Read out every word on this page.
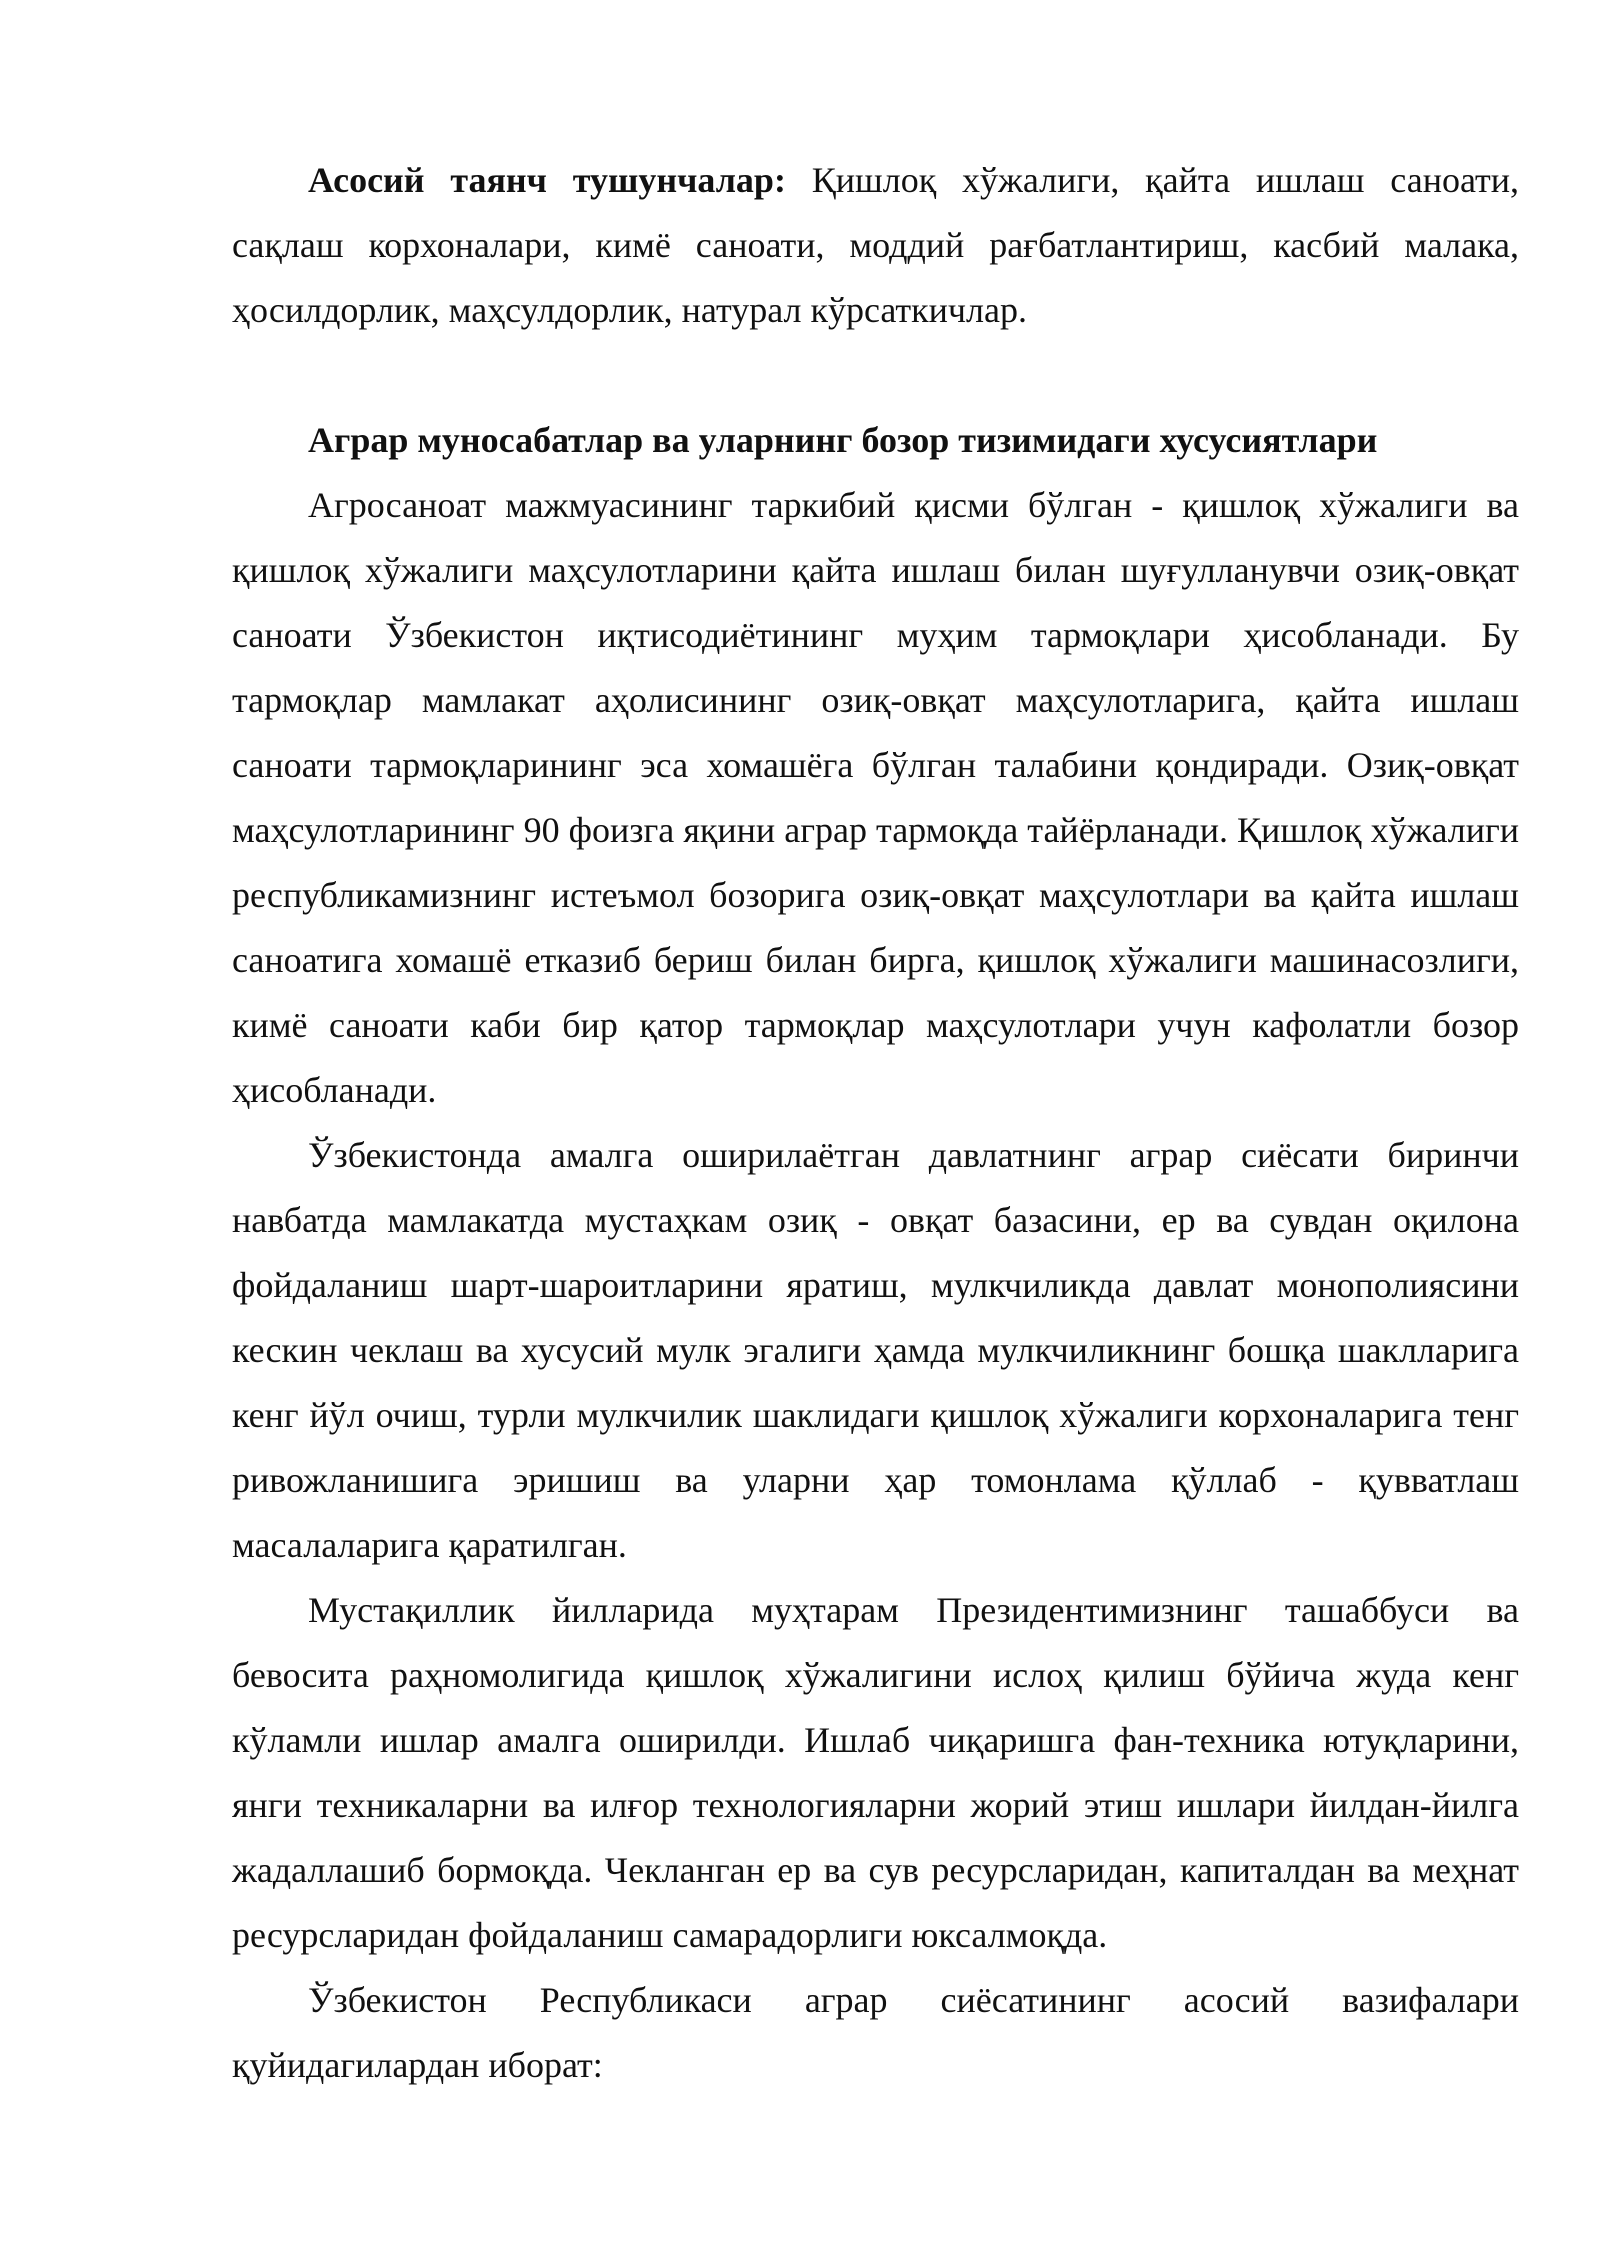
Асосий таянч тушунчалар: Қишлоқ хўжалиги, қайта ишлаш саноати, сақлаш корхоналари, кимё саноати, моддий рағбатлантириш, касбий малака, ҳосилдорлик, маҳсулдорлик, натурал кўрсаткичлар.

Аграр муносабатлар ва уларнинг бозор тизимидаги хусусиятлари

Агросаноат мажмуасининг таркибий қисми бўлган - қишлоқ хўжалиги ва қишлоқ хўжалиги маҳсулотларини қайта ишлаш билан шуғулланувчи озиқ-овқат саноати Ўзбекистон иқтисодиётининг муҳим тармоқлари ҳисобланади. Бу тармоқлар мамлакат аҳолисининг озиқ-овқат маҳсулотларига, қайта ишлаш саноати тармоқларининг эса хомашёга бўлган талабини қондиради. Озиқ-овқат маҳсулотларининг 90 фоизга яқини аграр тармоқда тайёрланади. Қишлоқ хўжалиги республикамизнинг истеъмол бозорига озиқ-овқат маҳсулотлари ва қайта ишлаш саноатига хомашё етказиб бериш билан бирга, қишлоқ хўжалиги машинасозлиги, кимё саноати каби бир қатор тармоқлар маҳсулотлари учун кафолатли бозор ҳисобланади.

Ўзбекистонда амалга оширилаётган давлатнинг аграр сиёсати биринчи навбатда мамлакатда мустаҳкам озиқ - овқат базасини, ер ва сувдан оқилона фойдаланиш шарт-шароитларини яратиш, мулкчиликда давлат монополиясини кескин чеклаш ва хусусий мулк эгалиги ҳамда мулкчиликнинг бошқа шаклларига кенг йўл очиш, турли мулкчилик шаклидаги қишлоқ хўжалиги корхоналарига тенг ривожланишига эришиш ва уларни ҳар томонлама қўллаб - қувватлаш масалаларига қаратилган.

Мустақиллик йилларида муҳтарам Президентимизнинг ташаббуси ва бевосита раҳномолигида қишлоқ хўжалигини ислоҳ қилиш бўйича жуда кенг кўламли ишлар амалга оширилди. Ишлаб чиқаришга фан-техника ютуқларини, янги техникаларни ва илғор технологияларни жорий этиш ишлари йилдан-йилга жадаллашиб бормоқда. Чекланган ер ва сув ресурсларидан, капиталдан ва меҳнат ресурсларидан фойдаланиш самарадорлиги юксалмоқда.

Ўзбекистон Республикаси аграр сиёсатининг асосий вазифалари қуйидагилардан иборат:
